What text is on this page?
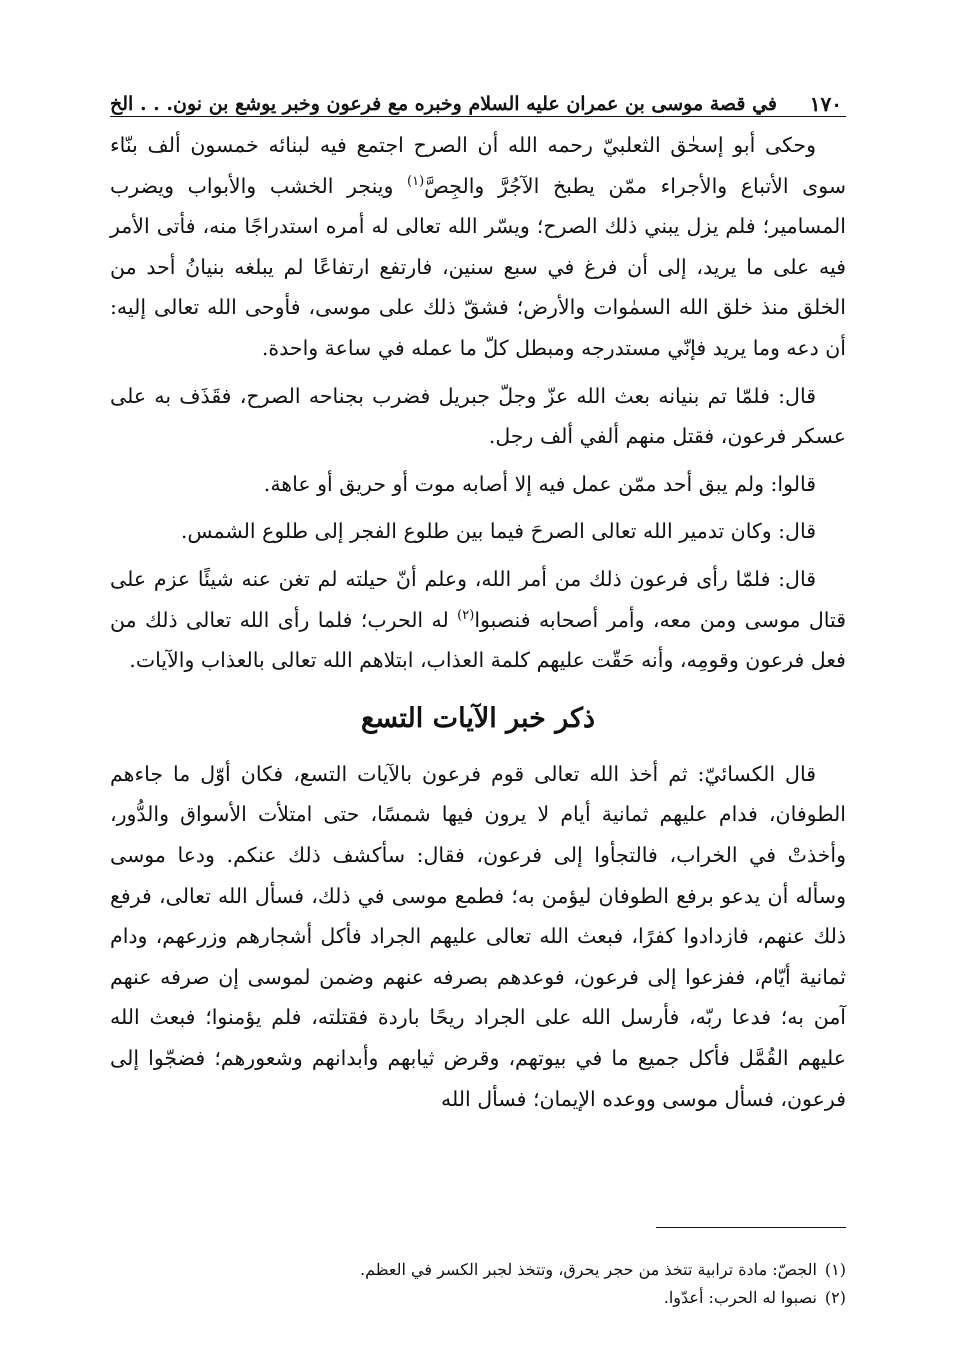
١٧٠
في قصة موسى بن عمران عليه السلام وخبره مع فرعون وخبر يوشع بن نون. . . الخ

وحكى أبو إسحٰق الثعلبيّ رحمه الله أن الصرح اجتمع فيه لبنائه خمسون ألف بنّاء سوى الأتباع والأجراء ممّن يطبخ الآجُرَّ والجِصَّ$^{(١)}$ وينجر الخشب والأبواب ويضرب المسامير؛ فلم يزل يبني ذلك الصرح؛ ويسّر الله تعالى له أمره استدراجًا منه، فأتى الأمر فيه على ما يريد، إلى أن فرغ في سبع سنين، فارتفع ارتفاعًا لم يبلغه بنيانُ أحد من الخلق منذ خلق الله السمٰوات والأرض؛ فشقّ ذلك على موسى، فأوحى الله تعالى إليه: أن دعه وما يريد فإنّي مستدرجه ومبطل كلّ ما عمله في ساعة واحدة.

قال: فلمّا تم بنيانه بعث الله عزّ وجلّ جبريل فضرب بجناحه الصرح، فقَذَف به على عسكر فرعون، فقتل منهم ألفي ألف رجل.

قالوا: ولم يبق أحد ممّن عمل فيه إلا أصابه موت أو حريق أو عاهة.

قال: وكان تدمير الله تعالى الصرحَ فيما بين طلوع الفجر إلى طلوع الشمس.

قال: فلمّا رأى فرعون ذلك من أمر الله، وعلم أنّ حيلته لم تغن عنه شيئًا عزم على قتال موسى ومن معه، وأمر أصحابه فنصبوا$^{(٢)}$ له الحرب؛ فلما رأى الله تعالى ذلك من فعل فرعون وقومِه، وأنه حَقّت عليهم كلمة العذاب، ابتلاهم الله تعالى بالعذاب والآيات.

ذكر خبر الآيات التسع

قال الكسائيّ: ثم أخذ الله تعالى قوم فرعون بالآيات التسع، فكان أوّل ما جاءهم الطوفان، فدام عليهم ثمانية أيام لا يرون فيها شمسًا، حتى امتلأت الأسواق والدُّور، وأخذتْ في الخراب، فالتجأوا إلى فرعون، فقال: سأكشف ذلك عنكم. ودعا موسى وسأله أن يدعو برفع الطوفان ليؤمن به؛ فطمع موسى في ذلك، فسأل الله تعالى، فرفع ذلك عنهم، فازدادوا كفرًا، فبعث الله تعالى عليهم الجراد فأكل أشجارهم وزرعهم، ودام ثمانية أيّام، ففزعوا إلى فرعون، فوعدهم بصرفه عنهم وضمن لموسى إن صرفه عنهم آمن به؛ فدعا ربّه، فأرسل الله على الجراد ريحًا باردة فقتلته، فلم يؤمنوا؛ فبعث الله عليهم القُمَّل فأكل جميع ما في بيوتهم، وقرض ثيابهم وأبدانهم وشعورهم؛ فضجّوا إلى فرعون، فسأل موسى ووعده الإيمان؛ فسأل الله

(١)الجصّ: مادة ترابية تتخذ من حجر يحرق، وتتخذ لجبر الكسر في العظم.
(٢)نصبوا له الحرب: أعدّوا.
